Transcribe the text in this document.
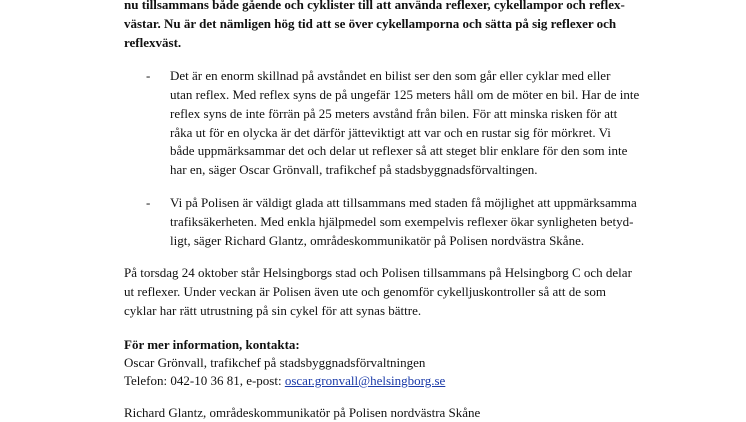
nu tillsammans både gående och cyklister till att använda reflexer, cykellampor och reflex-
västar. Nu är det nämligen hög tid att se över cykellamporna och sätta på sig reflexer och
reflexväst.
- Det är en enorm skillnad på avståndet en bilist ser den som går eller cyklar med eller
utan reflex. Med reflex syns de på ungefär 125 meters håll om de möter en bil. Har de inte
reflex syns de inte förrän på 25 meters avstånd från bilen. För att minska risken för att
råka ut för en olycka är det därför jätteviktigt att var och en rustar sig för mörkret. Vi
både uppmärksammar det och delar ut reflexer så att steget blir enklare för den som inte
har en, säger Oscar Grönvall, trafikchef på stadsbyggnadsförvaltingen.
- Vi på Polisen är väldigt glada att tillsammans med staden få möjlighet att uppmärksamma
trafiksäkerheten. Med enkla hjälpmedel som exempelvis reflexer ökar synligheten betyd-
ligt, säger Richard Glantz, områdeskommunikatör på Polisen nordvästra Skåne.
På torsdag 24 oktober står Helsingborgs stad och Polisen tillsammans på Helsingborg C och delar
ut reflexer. Under veckan är Polisen även ute och genomför cykelljuskontroller så att de som
cyklar har rätt utrustning på sin cykel för att synas bättre.
För mer information, kontakta:
Oscar Grönvall, trafikchef på stadsbyggnadsförvaltningen
Telefon: 042-10 36 81, e-post: oscar.gronvall@helsingborg.se
Richard Glantz, områdeskommunikatör på Polisen nordvästra Skåne
